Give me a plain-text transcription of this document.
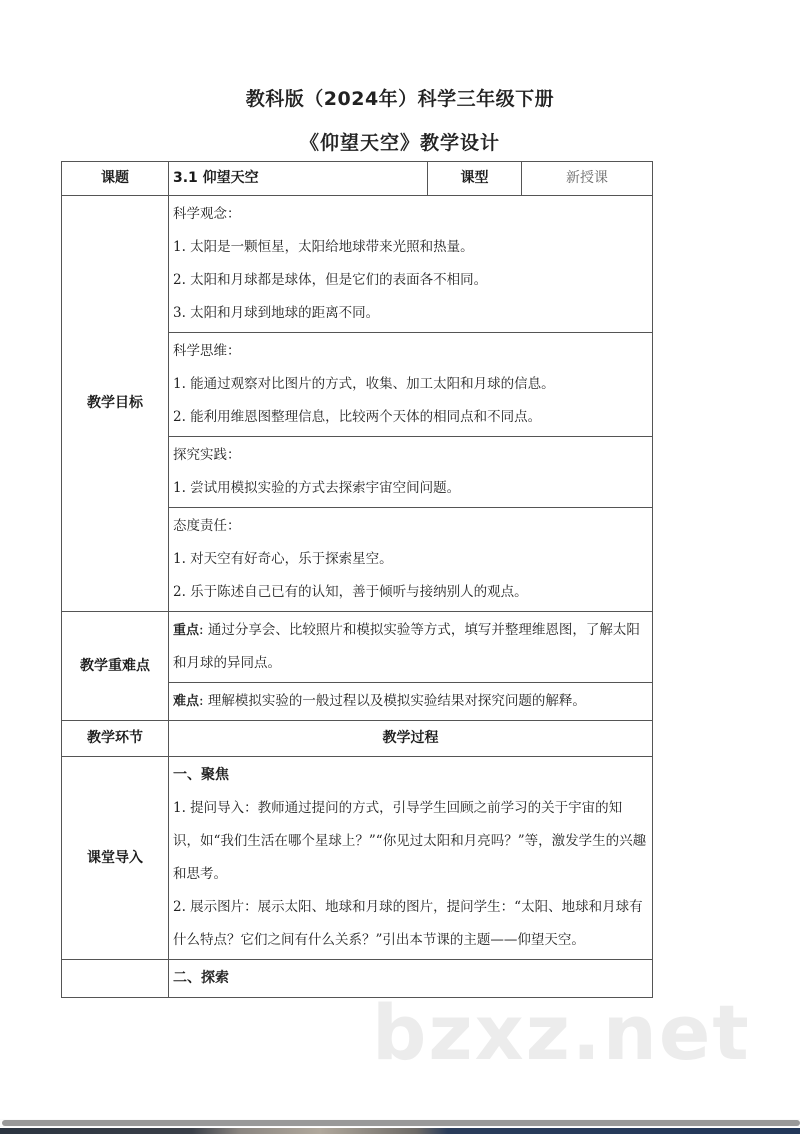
bzxz.net
教科版（2024年）科学三年级下册
《仰望天空》教学设计
课题	3.1 仰望天空	课型	新授课
教学目标	科学观念：
1. 太阳是一颗恒星，太阳给地球带来光照和热量。
2. 太阳和月球都是球体，但是它们的表面各不相同。
3. 太阳和月球到地球的距离不同。		

	科学思维：
1. 能通过观察对比图片的方式，收集、加工太阳和月球的信息。
2. 能利用维恩图整理信息，比较两个天体的相同点和不同点。		

	探究实践：
1. 尝试用模拟实验的方式去探索宇宙空间问题。		

	态度责任：
1. 对天空有好奇心，乐于探索星空。
2. 乐于陈述自己已有的认知，善于倾听与接纳别人的观点。		

教学重难点	重点: 通过分享会、比较照片和模拟实验等方式，填写并整理维恩图，了解太阳和月球的异同点。		

	难点: 理解模拟实验的一般过程以及模拟实验结果对探究问题的解释。		

教学环节	教学过程		
课堂导入	一、聚焦
1. 提问导入：教师通过提问的方式，引导学生回顾之前学习的关于宇宙的知识，如“我们生活在哪个星球上？”“你见过太阳和月亮吗？”等，激发学生的兴趣和思考。
2. 展示图片：展示太阳、地球和月球的图片，提问学生：“太阳、地球和月球有什么特点？它们之间有什么关系？”引出本节课的主题——仰望天空。		

	二、探索		
